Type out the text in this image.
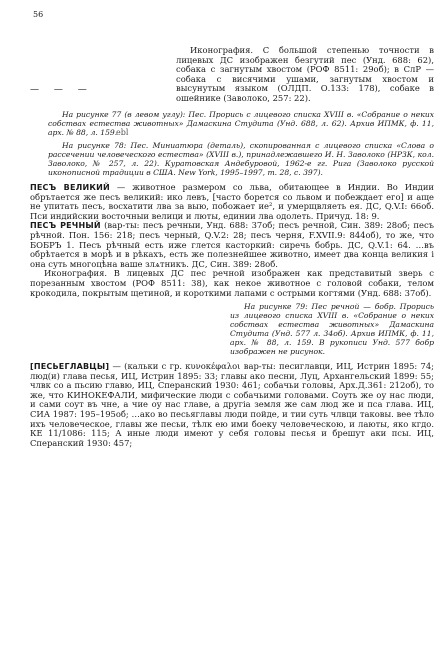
56
— — —
ebl

Иконография. С большой степенью точности в лицевых ДС изображен безгутий пес (Унд. 688: 62), собака с загнутым хвостом (РОФ 8511: 29об); в СлР — собака с висячими ушами, загнутым хвостом и высунутым языком (ОЛДП. О.133: 178), собаке в ошейнике (Заволоко, 257: 22).

На рисунке 77 (в левом углу): Пес. Прорись с лицевого списка XVIII в. «Собрание о неких собствах естества животных» Дамаскина Студита (Унд. 688, л. 62). Архив ИПМК, ф. 11, арх. № 88, л. 159.

На рисунке 78: Пес. Миниатюра (деталь), скопированная с лицевого списка «Слова о рассечении человеческого естества» (XVIII в.), принадлежавшего И. Н. Заволоко (НРЗК, кол. Заволоко, № 257, л. 22). Куратовская Андебуровой, 1962-е гг. Рига (Заволоко русской иконописной традиции в США. New York, 1995–1997, т. 28, с. 397).

ПЕСЪ ВЕЛИКИЙ — животное размером со льва, обитающее в Индии. Во Индии обрътается же песъ великий: ико левъ, [часто борется со львом и побеждает его] и аще не упитать песъ, восхатити лва за выю, побожает ие², и умерщвляеть ея. ДС, Q.V.I: 66об. Пси индийскии восточныи велици и люты, единии лва одолеть. Причуд. 18: 9.

ПЕСЪ РЕЧНЫЙ (вар-ты: песъ речныи, Унд. 688: 37об; песъ речной, Син. 389: 28об; песъ рѣчной. Пон. 156: 218; песъ черный, Q.V.2: 28; песъ черня, F.XVII.9: 844об), то же, что БОБРЪ 1. Песъ рѣчный есть иже глется касторкий: сиречь бобрь. ДС, Q.V.1: 64. …въ обрѣтается в морѣ и в рѣкахъ, есть же полезнейшее животно, имеет два конца великия і она суть многоцѣна ваше злѧтникъ. ДС, Син. 389: 28об.

Иконография. В лицевых ДС пес речной изображен как представитый зверь с порезанным хвостом (РОФ 8511: 38), как некое животное с головой собаки, телом крокодила, покрытым щетиной, и короткими лапами с острыми когтями (Унд. 688: 37об).

На рисунке 79: Пес речной — бобр. Прорись из лицевого списка XVIII в. «Собрание о неких собствах естества животных» Дамаскина Студита (Унд. 577 л. 34об). Архив ИПМК, ф. 11, арх. № 88, л. 159. В рукописи Унд. 577 бобр изображен не рисунок.

[ПЕСЬЕГЛАВЦЫ] — (кальки с гр. κυνοκέφαλοι вар-ты: песиглавци, ИЦ, Истрин 1895: 74; люд(и) глава песья, ИЦ, Истрин 1895: 33; главы ако песни, Луц, Архангельский 1899: 55; члвк со а пьсию главю, ИЦ, Сперанский 1930: 461; собачьи головы, Арх.Д.361: 212об), то же, что КИНОКЕФАЛИ, мифические люди с собачьими головами. Соуть же оу нас люди, и сами соут въ чне, а чие оу нас главе, а другіа земля же сам люд же и пса глава. ИЦ, СИА 1987: 195–195об; …ако во песьяглавы люди пойде, и тии суть члвци таковы. вее тѣло ихъ человеческое, главы же песьи, тѣлк ею ими боеку человеческою, и лаюты, яко кгдо. КЕ 11/1086: 115; А иные люди имеют у себя головы песья и брешут аки псы. ИЦ, Сперанский 1930: 457;
